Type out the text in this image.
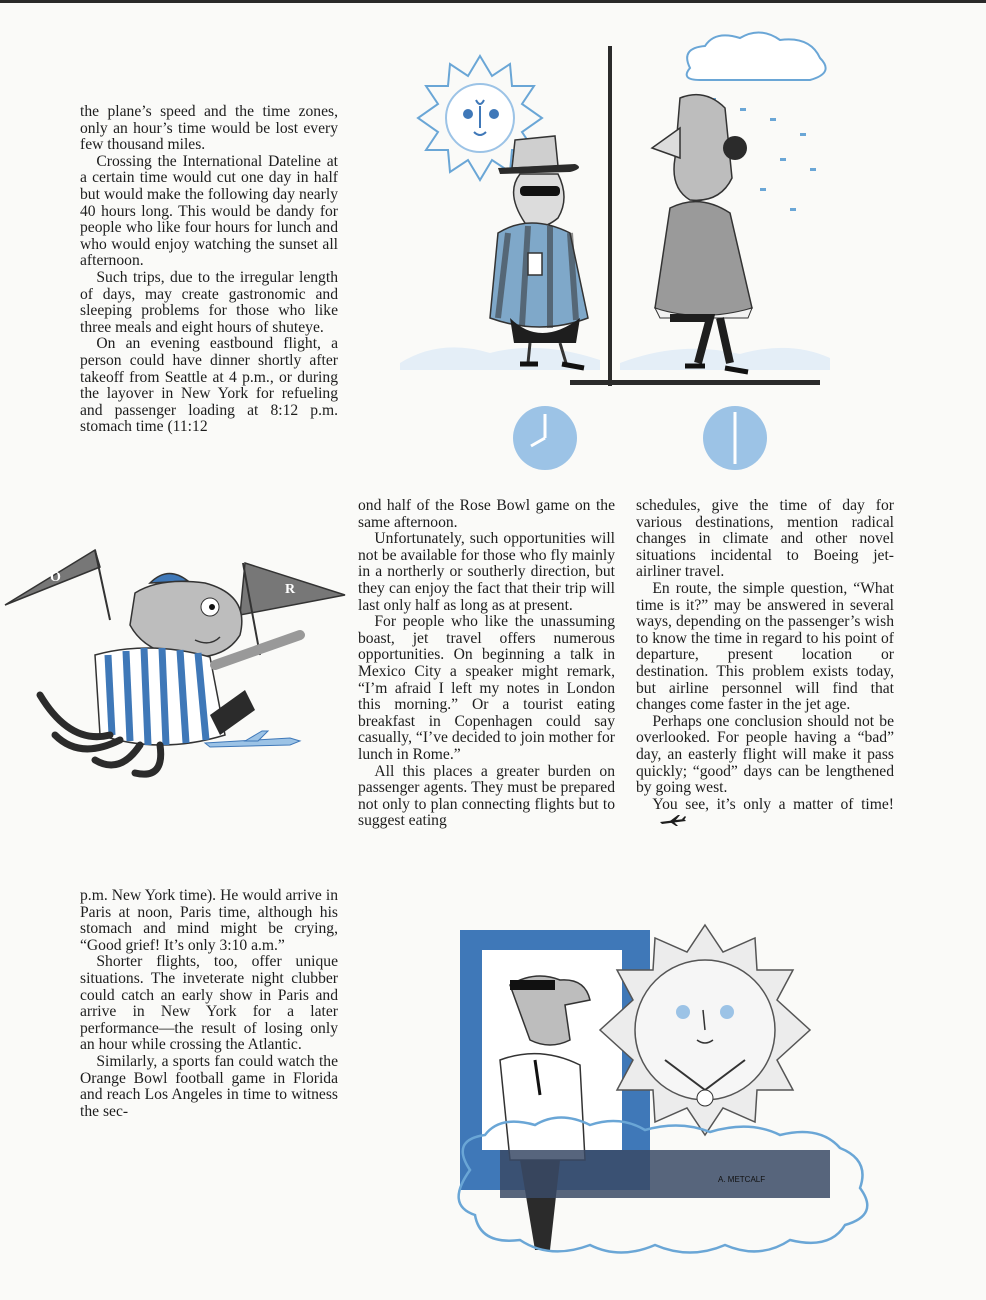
the plane’s speed and the time zones, only an hour’s time would be lost every few thousand miles.

Crossing the International Dateline at a certain time would cut one day in half but would make the following day nearly 40 hours long. This would be dandy for people who like four hours for lunch and who would enjoy watching the sunset all afternoon.

Such trips, due to the irregular length of days, may create gastronomic and sleeping problems for those who like three meals and eight hours of shuteye.

On an evening eastbound flight, a person could have dinner shortly after takeoff from Seattle at 4 p.m., or during the layover in New York for refueling and passenger loading at 8:12 p.m. stomach time (11:12

p.m. New York time). He would arrive in Paris at noon, Paris time, although his stomach and mind might be crying, “Good grief! It’s only 3:10 a.m.”

Shorter flights, too, offer unique situations. The inveterate night clubber could catch an early show in Paris and arrive in New York for a later performance—the result of losing only an hour while crossing the Atlantic.

Similarly, a sports fan could watch the Orange Bowl football game in Florida and reach Los Angeles in time to witness the sec-

ond half of the Rose Bowl game on the same afternoon.

Unfortunately, such opportunities will not be available for those who fly mainly in a northerly or southerly direction, but they can enjoy the fact that their trip will last only half as long as at present.

For people who like the unassuming boast, jet travel offers numerous opportunities. On beginning a talk in Mexico City a speaker might remark, “I’m afraid I left my notes in London this morning.” Or a tourist eating breakfast in Copenhagen could say casually, “I’ve decided to join mother for lunch in Rome.”

All this places a greater burden on passenger agents. They must be prepared not only to plan connecting flights but to suggest eating

schedules, give the time of day for various destinations, mention radical changes in climate and other novel situations incidental to Boeing jet-airliner travel.

En route, the simple question, “What time is it?” may be answered in several ways, depending on the passenger’s wish to know the time in regard to his point of departure, present location or destination. This problem exists today, but airline personnel will find that changes come faster in the jet age.

Perhaps one conclusion should not be overlooked. For people having a “bad” day, an easterly flight will make it pass quickly; “good” days can be lengthened by going west.

You see, it’s only a matter of time!

O
R
A. METCALF
